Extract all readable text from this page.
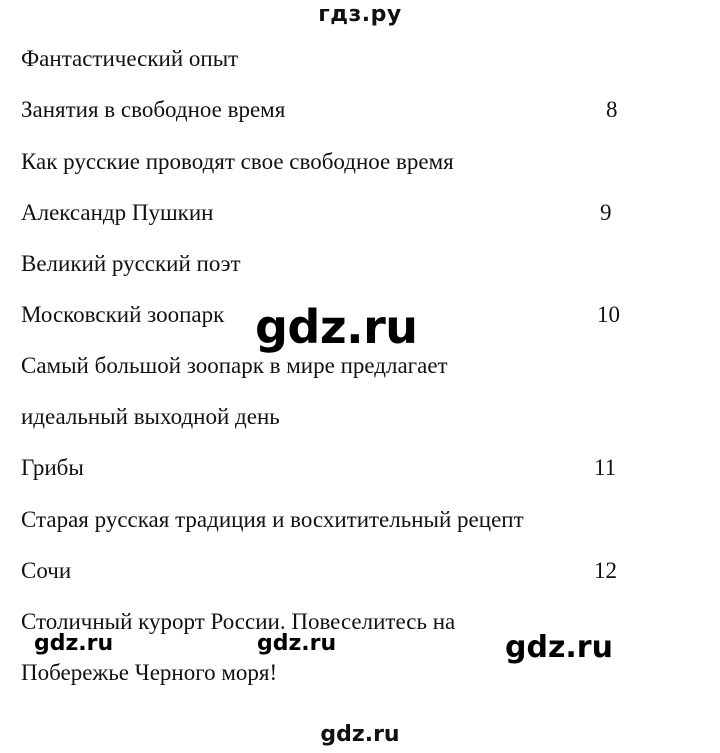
гдз.ру
Фантастический опыт
Занятия в свободное время	8
Как русские проводят свое свободное время
Александр Пушкин	9
Великий русский поэт
Московский зоопарк	10
Самый большой зоопарк в мире предлагает
идеальный выходной день
Грибы	11
Старая русская традиция и восхитительный рецепт
Сочи	12
Столичный курорт России. Повеселитесь на
Побережье Черного моря!
gdz.ru
gdz.ru	gdz.ru	gdz.ru
gdz.ru
